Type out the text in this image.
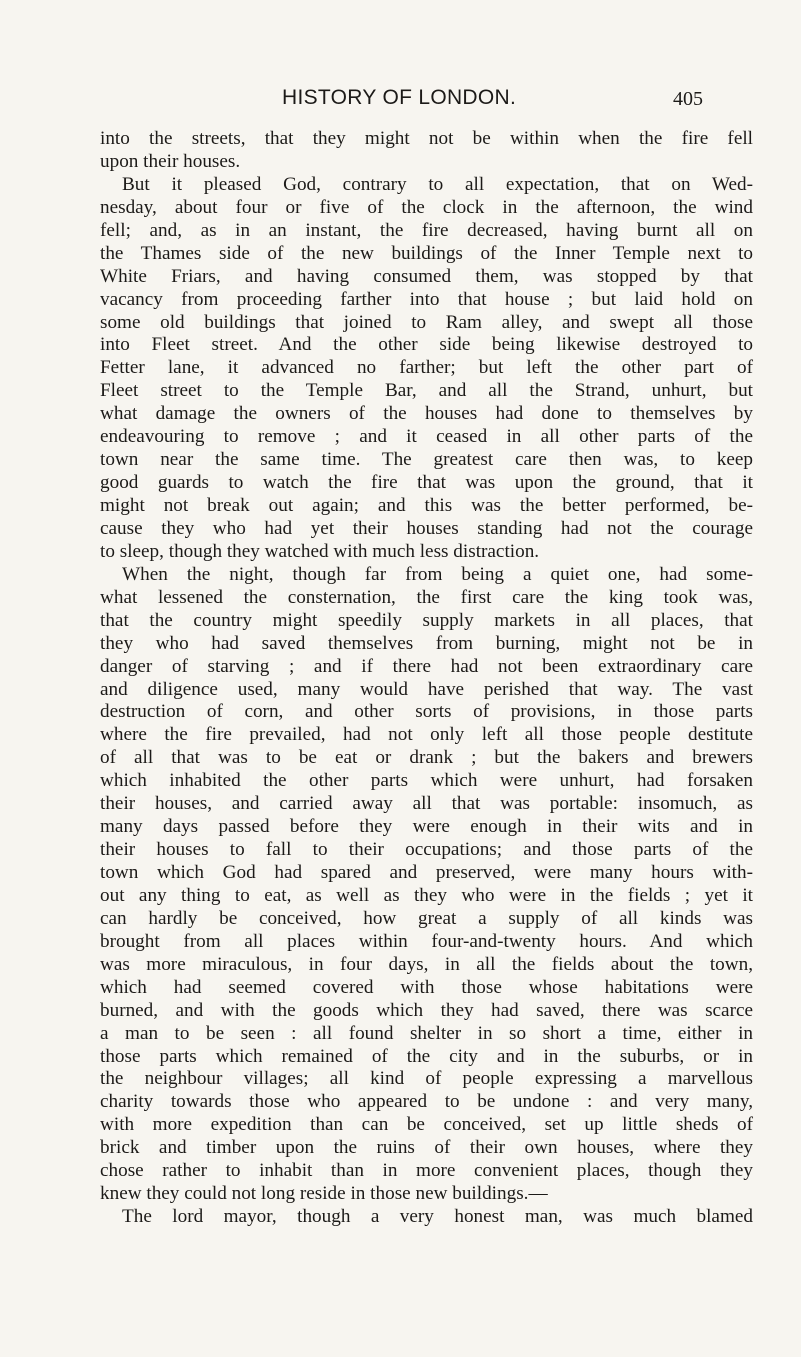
HISTORY OF LONDON.	405
into the streets, that they might not be within when the fire fell
upon their houses.
But it pleased God, contrary to all expectation, that on Wed-
nesday, about four or five of the clock in the afternoon, the wind
fell; and, as in an instant, the fire decreased, having burnt all on
the Thames side of the new buildings of the Inner Temple next to
White Friars, and having consumed them, was stopped by that
vacancy from proceeding farther into that house ; but laid hold on
some old buildings that joined to Ram alley, and swept all those
into Fleet street. And the other side being likewise destroyed to
Fetter lane, it advanced no farther; but left the other part of
Fleet street to the Temple Bar, and all the Strand, unhurt, but
what damage the owners of the houses had done to themselves by
endeavouring to remove ; and it ceased in all other parts of the
town near the same time. The greatest care then was, to keep
good guards to watch the fire that was upon the ground, that it
might not break out again; and this was the better performed, be-
cause they who had yet their houses standing had not the courage
to sleep, though they watched with much less distraction.
When the night, though far from being a quiet one, had some-
what lessened the consternation, the first care the king took was,
that the country might speedily supply markets in all places, that
they who had saved themselves from burning, might not be in
danger of starving ; and if there had not been extraordinary care
and diligence used, many would have perished that way. The vast
destruction of corn, and other sorts of provisions, in those parts
where the fire prevailed, had not only left all those people destitute
of all that was to be eat or drank ; but the bakers and brewers
which inhabited the other parts which were unhurt, had forsaken
their houses, and carried away all that was portable: insomuch, as
many days passed before they were enough in their wits and in
their houses to fall to their occupations; and those parts of the
town which God had spared and preserved, were many hours with-
out any thing to eat, as well as they who were in the fields ; yet it
can hardly be conceived, how great a supply of all kinds was
brought from all places within four-and-twenty hours. And which
was more miraculous, in four days, in all the fields about the town,
which had seemed covered with those whose habitations were
burned, and with the goods which they had saved, there was scarce
a man to be seen : all found shelter in so short a time, either in
those parts which remained of the city and in the suburbs, or in
the neighbour villages; all kind of people expressing a marvellous
charity towards those who appeared to be undone : and very many,
with more expedition than can be conceived, set up little sheds of
brick and timber upon the ruins of their own houses, where they
chose rather to inhabit than in more convenient places, though they
knew they could not long reside in those new buildings.—
The lord mayor, though a very honest man, was much blamed
